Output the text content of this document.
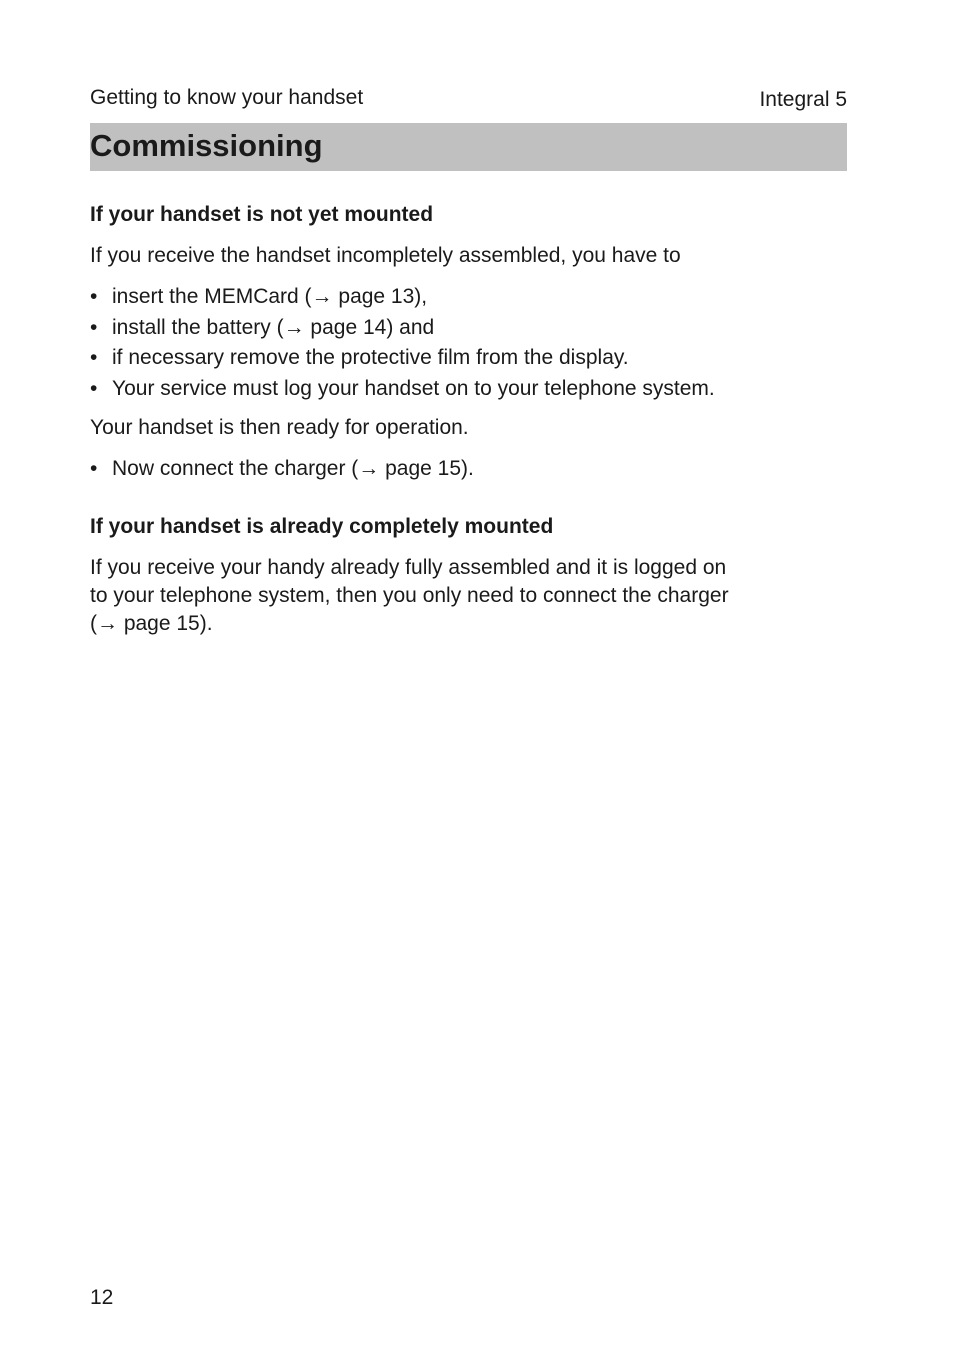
Getting to know your handset	Integral 5
Commissioning

If your handset is not yet mounted

If you receive the handset incompletely assembled, you have to

• insert the MEMCard (→ page 13),
• install the battery (→ page 14) and
• if necessary remove the protective film from the display.
• Your service must log your handset on to your telephone system.

Your handset is then ready for operation.

• Now connect the charger (→ page 15).

If your handset is already completely mounted

If you receive your handy already fully assembled and it is logged on
to your telephone system, then you only need to connect the charger
(→ page 15).
12
